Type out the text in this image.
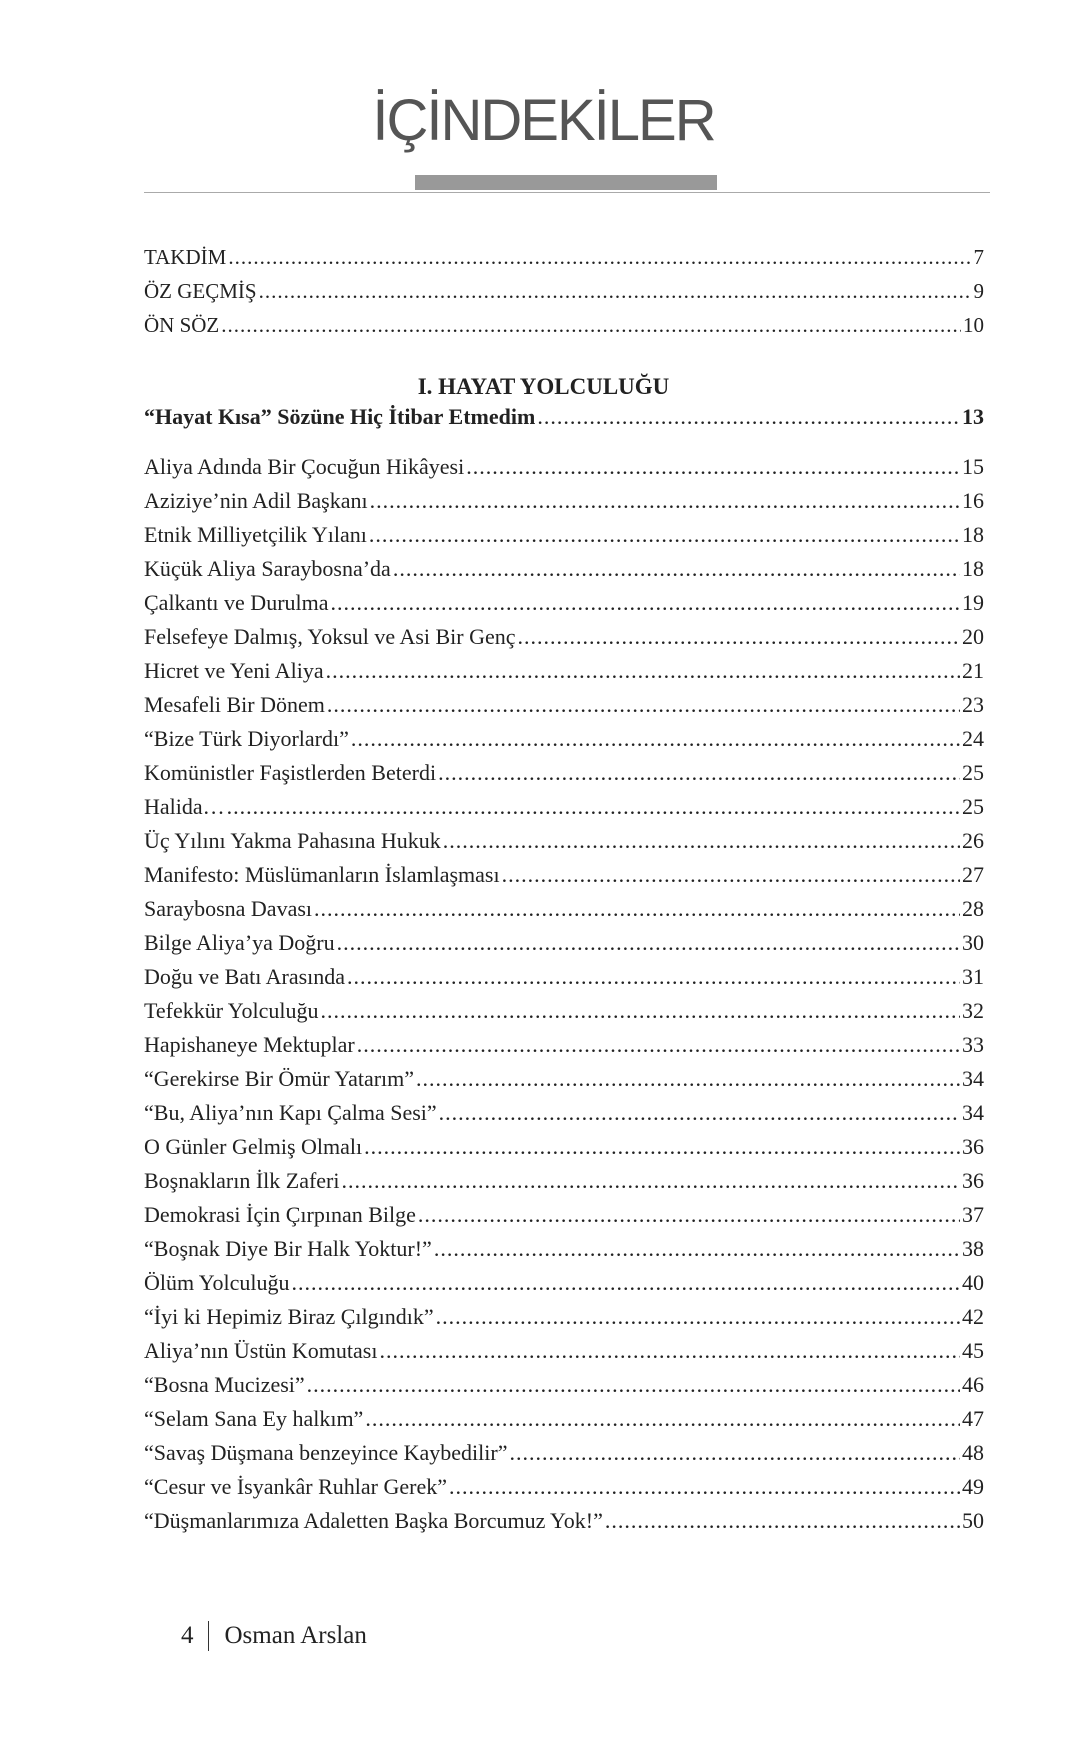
İÇİNDEKİLER
TAKDİM .....	7
ÖZ GEÇMİŞ .....	9
ÖN SÖZ .....	10
I. HAYAT YOLCULUĞU
“Hayat Kısa” Sözüne Hiç İtibar Etmedim .....	13
Aliya Adında Bir Çocuğun Hikâyesi .....	15
Aziziye’nin Adil Başkanı .....	16
Etnik Milliyetçilik Yılanı .....	18
Küçük Aliya Saraybosna’da .....	18
Çalkantı ve Durulma .....	19
Felsefeye Dalmış, Yoksul ve Asi Bir Genç .....	20
Hicret ve Yeni Aliya .....	21
Mesafeli Bir Dönem .....	23
“Bize Türk Diyorlardı” .....	24
Komünistler Faşistlerden Beterdi .....	25
Halida… .....	25
Üç Yılını Yakma Pahasına Hukuk .....	26
Manifesto: Müslümanların İslamlaşması .....	27
Saraybosna Davası .....	28
Bilge Aliya’ya Doğru .....	30
Doğu ve Batı Arasında .....	31
Tefekkür Yolculuğu .....	32
Hapishaneye Mektuplar .....	33
“Gerekirse Bir Ömür Yatarım” .....	34
“Bu, Aliya’nın Kapı Çalma Sesi” .....	34
O Günler Gelmiş Olmalı .....	36
Boşnakların İlk Zaferi .....	36
Demokrasi İçin Çırpınan Bilge .....	37
“Boşnak Diye Bir Halk Yoktur!” .....	38
Ölüm Yolculuğu .....	40
“İyi ki Hepimiz Biraz Çılgındık” .....	42
Aliya’nın Üstün Komutası .....	45
“Bosna Mucizesi” .....	46
“Selam Sana Ey halkım” .....	47
“Savaş Düşmana benzeyince Kaybedilir” .....	48
“Cesur ve İsyankâr Ruhlar Gerek” .....	49
“Düşmanlarımıza Adaletten Başka Borcumuz Yok!” .....	50
4 Osman Arslan
